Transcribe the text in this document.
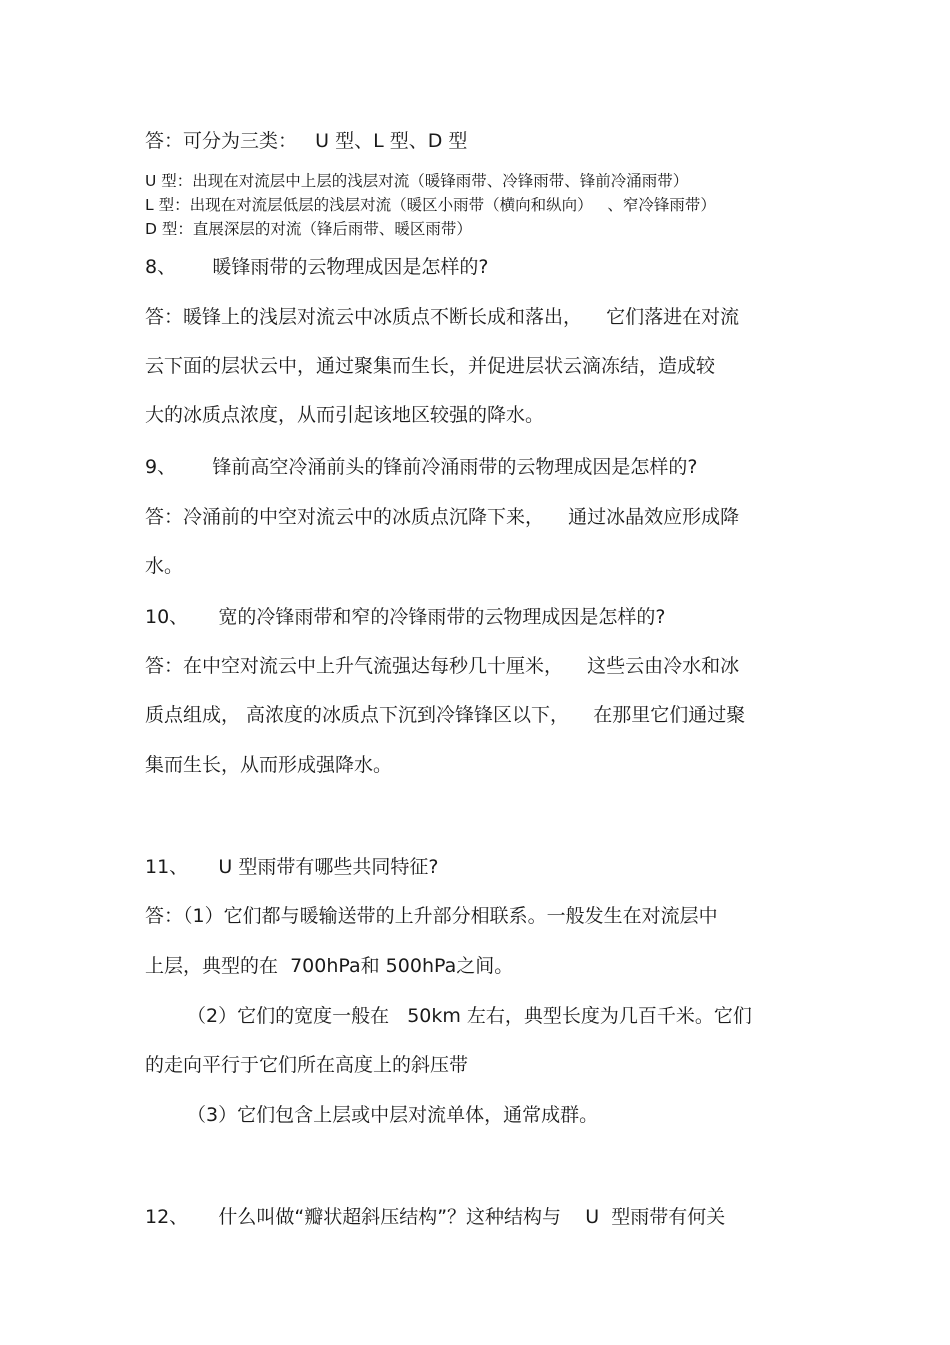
答：可分为三类：   U 型、L 型、D 型
U 型：出现在对流层中上层的浅层对流（暖锋雨带、冷锋雨带、锋前冷涌雨带）
L 型：出现在对流层低层的浅层对流（暖区小雨带（横向和纵向）   、窄冷锋雨带）
D 型：直展深层的对流（锋后雨带、暖区雨带）
8、      暖锋雨带的云物理成因是怎样的?
答：暖锋上的浅层对流云中冰质点不断长成和落出，    它们落进在对流
云下面的层状云中，通过聚集而生长，并促进层状云滴冻结，造成较
大的冰质点浓度，从而引起该地区较强的降水。
9、      锋前高空冷涌前头的锋前冷涌雨带的云物理成因是怎样的?
答：冷涌前的中空对流云中的冰质点沉降下来，    通过冰晶效应形成降
水。
10、     宽的冷锋雨带和窄的冷锋雨带的云物理成因是怎样的?
答：在中空对流云中上升气流强达每秒几十厘米，    这些云由冷水和冰
质点组成， 高浓度的冰质点下沉到冷锋锋区以下，    在那里它们通过聚
集而生长，从而形成强降水。
11、     U 型雨带有哪些共同特征?
答：（1）它们都与暖输送带的上升部分相联系。一般发生在对流层中
上层，典型的在  700hPa和 500hPa之间。
（2）它们的宽度一般在   50km 左右，典型长度为几百千米。它们
的走向平行于它们所在高度上的斜压带
（3）它们包含上层或中层对流单体，通常成群。
12、     什么叫做“瓣状超斜压结构”？这种结构与    U  型雨带有何关
